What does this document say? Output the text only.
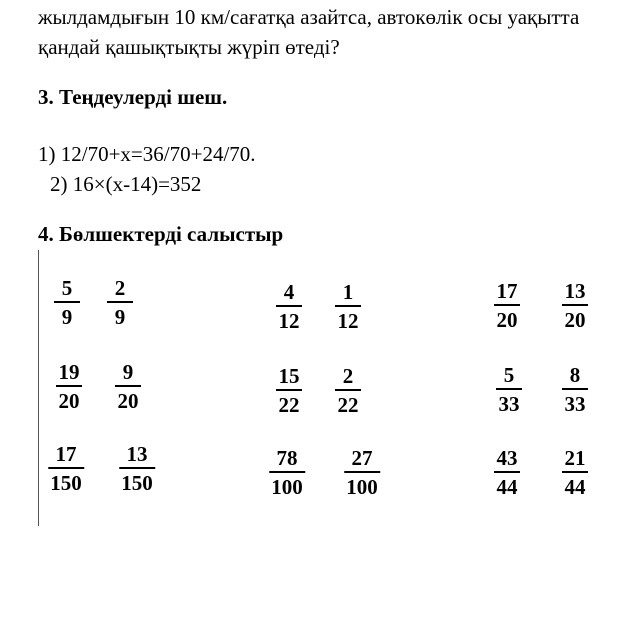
жылдамдығын 10 км/сағатқа азайтса, автокөлік осы уақытта қандай қашықтықты жүріп өтеді?

3. Теңдеулерді шеш.

1) 12/70+x=36/70+24/70.

2) 16×(x-14)=352

4. Бөлшектерді салыстыр
5
9
2
9
4
12
1
12
17
20
13
20
19
20
9
20
15
22
2
22
5
33
8
33
17
150
13
150
78
100
27
100
43
44
21
44
